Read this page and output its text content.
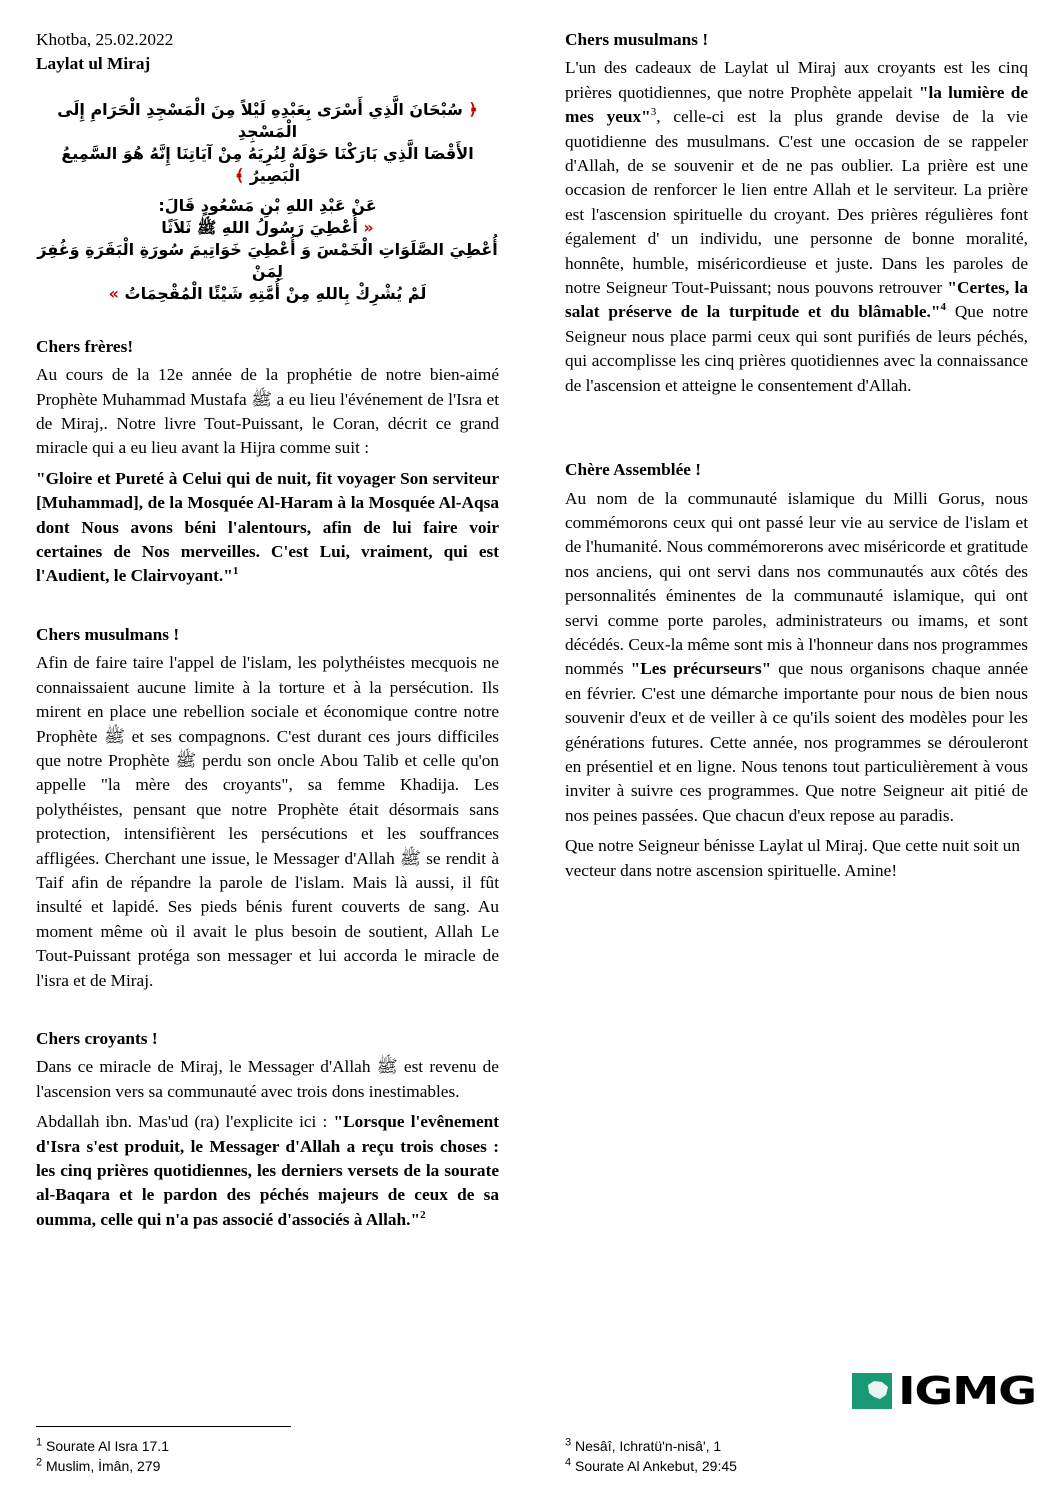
Khotba, 25.02.2022
Laylat ul Miraj
﴿ سُبْحَانَ الَّذِي أَسْرَى بِعَبْدِهِ لَيْلاً مِنَ الْمَسْجِدِ الْحَرَامِ إِلَى الْمَسْجِدِ
الأَقْصَا الَّذِي بَارَكْنَا حَوْلَهُ لِنُرِيَهُ مِنْ آيَاتِنَا إِنَّهُ هُوَ السَّمِيعُ الْبَصِيرُ ﴾
عَنْ عَبْدِ اللهِ بْنِ مَسْعُودٍ قَالَ:
« أُعْطِيَ رَسُولُ اللهِ ﷺ ثَلاَثًا
أُعْطِيَ الصَّلَوَاتِ الْخَمْسَ وَ أُعْطِيَ خَوَاتِيمَ سُورَةِ الْبَقَرَةِ وَغُفِرَ لِمَنْ
لَمْ يُشْرِكْ بِاللهِ مِنْ أُمَّتِهِ شَيْئًا الْمُقْحِمَاتُ »
Chers frères!

Au cours de la 12e année de la prophétie de notre bien-aimé Prophète Muhammad Mustafa ﷺ a eu lieu l'événement de l'Isra et de Miraj,. Notre livre Tout-Puissant, le Coran, décrit ce grand miracle qui a eu lieu avant la Hijra comme suit :

"Gloire et Pureté à Celui qui de nuit, fit voyager Son serviteur [Muhammad], de la Mosquée Al-Haram à la Mosquée Al-Aqsa dont Nous avons béni l'alentours, afin de lui faire voir certaines de Nos merveilles. C'est Lui, vraiment, qui est l'Audient, le Clairvoyant."$^1$

Chers musulmans !

Afin de faire taire l'appel de l'islam, les polythéistes mecquois ne connaissaient aucune limite à la torture et à la persécution. Ils mirent en place une rebellion sociale et économique contre notre Prophète ﷺ et ses compagnons. C'est durant ces jours difficiles que notre Prophète ﷺ perdu son oncle Abou Talib et celle qu'on appelle "la mère des croyants", sa femme Khadija. Les polythéistes, pensant que notre Prophète était désormais sans protection, intensifièrent les persécutions et les souffrances affligées. Cherchant une issue, le Messager d'Allah ﷺ se rendit à Taif afin de répandre la parole de l'islam. Mais là aussi, il fût insulté et lapidé. Ses pieds bénis furent couverts de sang. Au moment même où il avait le plus besoin de soutient, Allah Le Tout-Puissant protéga son messager et lui accorda le miracle de l'isra et de Miraj.

Chers croyants !

Dans ce miracle de Miraj, le Messager d'Allah ﷺ est revenu de l'ascension vers sa communauté avec trois dons inestimables.

Abdallah ibn. Mas'ud (ra) l'explicite ici : "Lorsque l'evênement d'Isra s'est produit, le Messager d'Allah a reçu trois choses : les cinq prières quotidiennes, les derniers versets de la sourate al-Baqara et le pardon des péchés majeurs de ceux de sa oumma, celle qui n'a pas associé d'associés à Allah."$^2$

Chers musulmans !

L'un des cadeaux de Laylat ul Miraj aux croyants est les cinq prières quotidiennes, que notre Prophète appelait "la lumière de mes yeux"$^3$, celle-ci est la plus grande devise de la vie quotidienne des musulmans. C'est une occasion de se rappeler d'Allah, de se souvenir et de ne pas oublier. La prière est une occasion de renforcer le lien entre Allah et le serviteur. La prière est l'ascension spirituelle du croyant. Des prières régulières font également d' un individu, une personne de bonne moralité, honnête, humble, miséricordieuse et juste. Dans les paroles de notre Seigneur Tout-Puissant; nous pouvons retrouver "Certes, la salat préserve de la turpitude et du blâmable."$^4$ Que notre Seigneur nous place parmi ceux qui sont purifiés de leurs péchés, qui accomplisse les cinq prières quotidiennes avec la connaissance de l'ascension et atteigne le consentement d'Allah.

Chère Assemblée !

Au nom de la communauté islamique du Milli Gorus, nous commémorons ceux qui ont passé leur vie au service de l'islam et de l'humanité. Nous commémorerons avec miséricorde et gratitude nos anciens, qui ont servi dans nos communautés aux côtés des personnalités éminentes de la communauté islamique, qui ont servi comme porte paroles, administrateurs ou imams, et sont décédés. Ceux-la même sont mis à l'honneur dans nos programmes nommés "Les précurseurs" que nous organisons chaque année en février. C'est une démarche importante pour nous de bien nous souvenir d'eux et de veiller à ce qu'ils soient des modèles pour les générations futures. Cette année, nos programmes se dérouleront en présentiel et en ligne. Nous tenons tout particulièrement à vous inviter à suivre ces programmes. Que notre Seigneur ait pitié de nos peines passées. Que chacun d'eux repose au paradis.

Que notre Seigneur bénisse Laylat ul Miraj. Que cette nuit soit un vecteur dans notre ascension spirituelle. Amine!

IGMG
$^1$ Sourate Al Isra 17.1
$^2$ Muslim, İmân, 279
$^3$ Nesâî, Ichratü'n-nisâ', 1
$^4$ Sourate Al Ankebut, 29:45
